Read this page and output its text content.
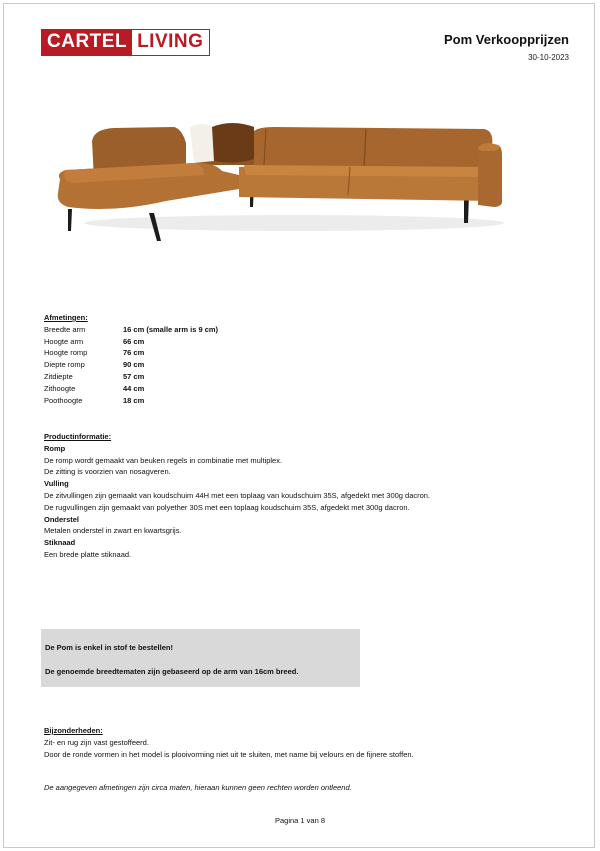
CARTEL LIVING	Pom Verkoopprijzen
30-10-2023
Afmetingen:
Breedte arm	16 cm (smalle arm is 9 cm)
Hoogte arm	66 cm
Hoogte romp	76 cm
Diepte romp	90 cm
Zitdiepte	57 cm
Zithoogte	44 cm
Poothoogte	18 cm
Productinformatie:
Romp
De romp wordt gemaakt van beuken regels in combinatie met multiplex.
De zitting is voorzien van nosagveren.
Vulling
De zitvullingen zijn gemaakt van koudschuim 44H met een toplaag van koudschuim 35S, afgedekt met 300g dacron.
De rugvullingen zijn gemaakt van polyether 30S met een toplaag koudschuim 35S, afgedekt met 300g dacron.
Onderstel
Metalen onderstel in zwart en kwartsgrijs.
Stiknaad
Een brede platte stiknaad.
De Pom is enkel in stof te bestellen!
De genoemde breedtematen zijn gebaseerd op de arm van 16cm breed.
Bijzonderheden:
Zit- en rug zijn vast gestoffeerd.
Door de ronde vormen in het model is plooivorming niet uit te sluiten, met name bij velours en de fijnere stoffen.
De aangegeven afmetingen zijn circa maten, hieraan kunnen geen rechten worden ontleend.
Pagina 1 van 8
